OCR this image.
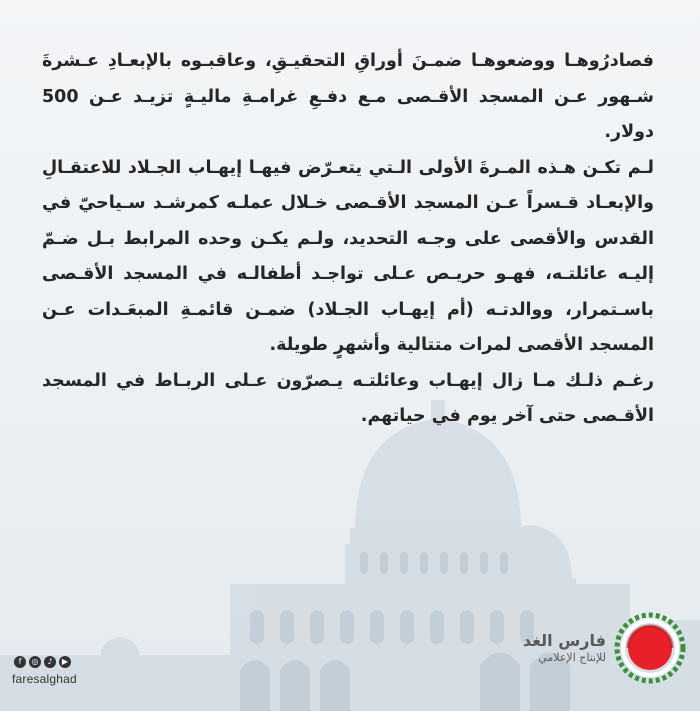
فصادرُوهـا ووضعوهـا ضمـنَ أوراقِ التحقيـقِ، وعاقبـوه بالإبعـادِ عـشرةَ شـهور عـن المسجد الأقـصى مـع دفـعِ غرامـةِ ماليـةٍ تزيـد عـن 500 دولار.

لـم تكـن هـذه المـرةَ الأولى الـتي يتعـرّض فيهـا إيهـاب الجـلاد للاعتقـالِ والإبعـاد قـسراً عـن المسجد الأقـصى خـلال عملـه كمرشـد سـياحيّ في القدس والأقصى على وجـه التحديد، ولـم يكـن وحده المرابط بـل ضـمّ إليـه عائلتـه، فهـو حريـص عـلى تواجـد أطفالـه في المسجد الأقـصى باسـتمرار، ووالدتـه (أم إيهـاب الجـلاد) ضمـن قائمـةِ المبعَـدات عـن المسجد الأقصى لمرات متتالية وأشهرٍ طويلة.

رغـم ذلـك مـا زال إيهـاب وعائلتـه يـصرّون عـلى الربـاط في المسجد الأقـصى حتى آخر يوم في حياتهم.

f	◎	♪	▶
faresalghad
فارس الغد
للإنتاج الإعلامي
